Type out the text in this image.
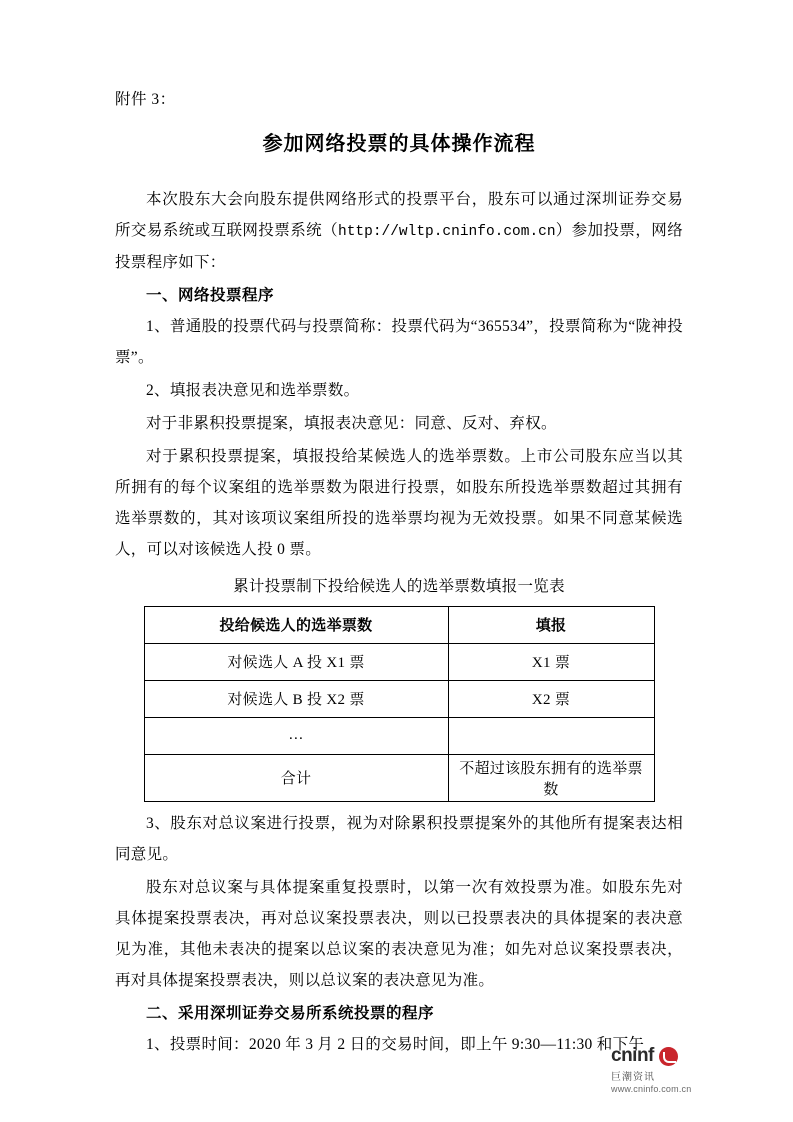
附件 3：
参加网络投票的具体操作流程

本次股东大会向股东提供网络形式的投票平台，股东可以通过深圳证券交易所交易系统或互联网投票系统（http://wltp.cninfo.com.cn）参加投票，网络投票程序如下：

一、网络投票程序

1、普通股的投票代码与投票简称：投票代码为“365534”，投票简称为“陇神投票”。

2、填报表决意见和选举票数。

对于非累积投票提案，填报表决意见：同意、反对、弃权。

对于累积投票提案，填报投给某候选人的选举票数。上市公司股东应当以其所拥有的每个议案组的选举票数为限进行投票，如股东所投选举票数超过其拥有选举票数的，其对该项议案组所投的选举票均视为无效投票。如果不同意某候选人，可以对该候选人投 0 票。

累计投票制下投给候选人的选举票数填报一览表

投给候选人的选举票数	填报
对候选人 A 投 X1 票	X1 票
对候选人 B 投 X2 票	X2 票
…	
合计	不超过该股东拥有的选举票数

3、股东对总议案进行投票，视为对除累积投票提案外的其他所有提案表达相同意见。

股东对总议案与具体提案重复投票时，以第一次有效投票为准。如股东先对具体提案投票表决，再对总议案投票表决，则以已投票表决的具体提案的表决意见为准，其他未表决的提案以总议案的表决意见为准；如先对总议案投票表决，再对具体提案投票表决，则以总议案的表决意见为准。

二、采用深圳证券交易所系统投票的程序

1、投票时间：2020 年 3 月 2 日的交易时间，即上午 9:30—11:30 和下午

cninf
巨潮资讯
www.cninfo.com.cn
